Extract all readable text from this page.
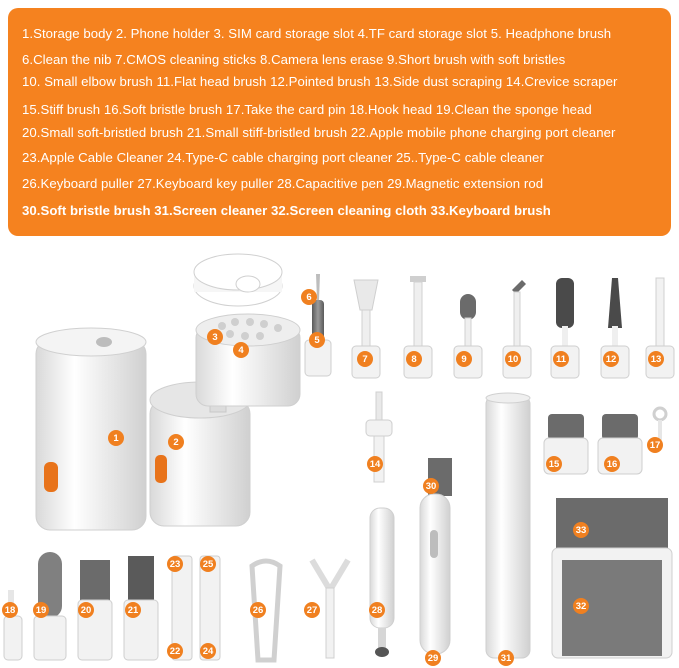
1.Storage body 2. Phone holder 3. SIM card storage slot 4.TF card storage slot 5. Headphone brush
6.Clean the nib 7.CMOS cleaning sticks 8.Camera lens erase 9.Short brush with soft bristles
10. Small elbow brush 11.Flat head brush 12.Pointed brush 13.Side dust scraping 14.Crevice scraper
15.Stiff brush 16.Soft bristle brush 17.Take the card pin 18.Hook head 19.Clean the sponge head
20.Small soft-bristled brush 21.Small stiff-bristled brush 22.Apple mobile phone charging port cleaner
23.Apple Cable Cleaner 24.Type-C cable charging port cleaner 25..Type-C cable cleaner
26.Keyboard puller 27.Keyboard key puller 28.Capacitive pen 29.Magnetic extension rod
30.Soft bristle brush 31.Screen cleaner 32.Screen cleaning cloth 33.Keyboard brush
1	2
3
4
5
6
7	8	9	10	11	12	13
14	15	16
17
18 19	20	21
22
23
24
25
26	27	28
29
30
31
32
33
